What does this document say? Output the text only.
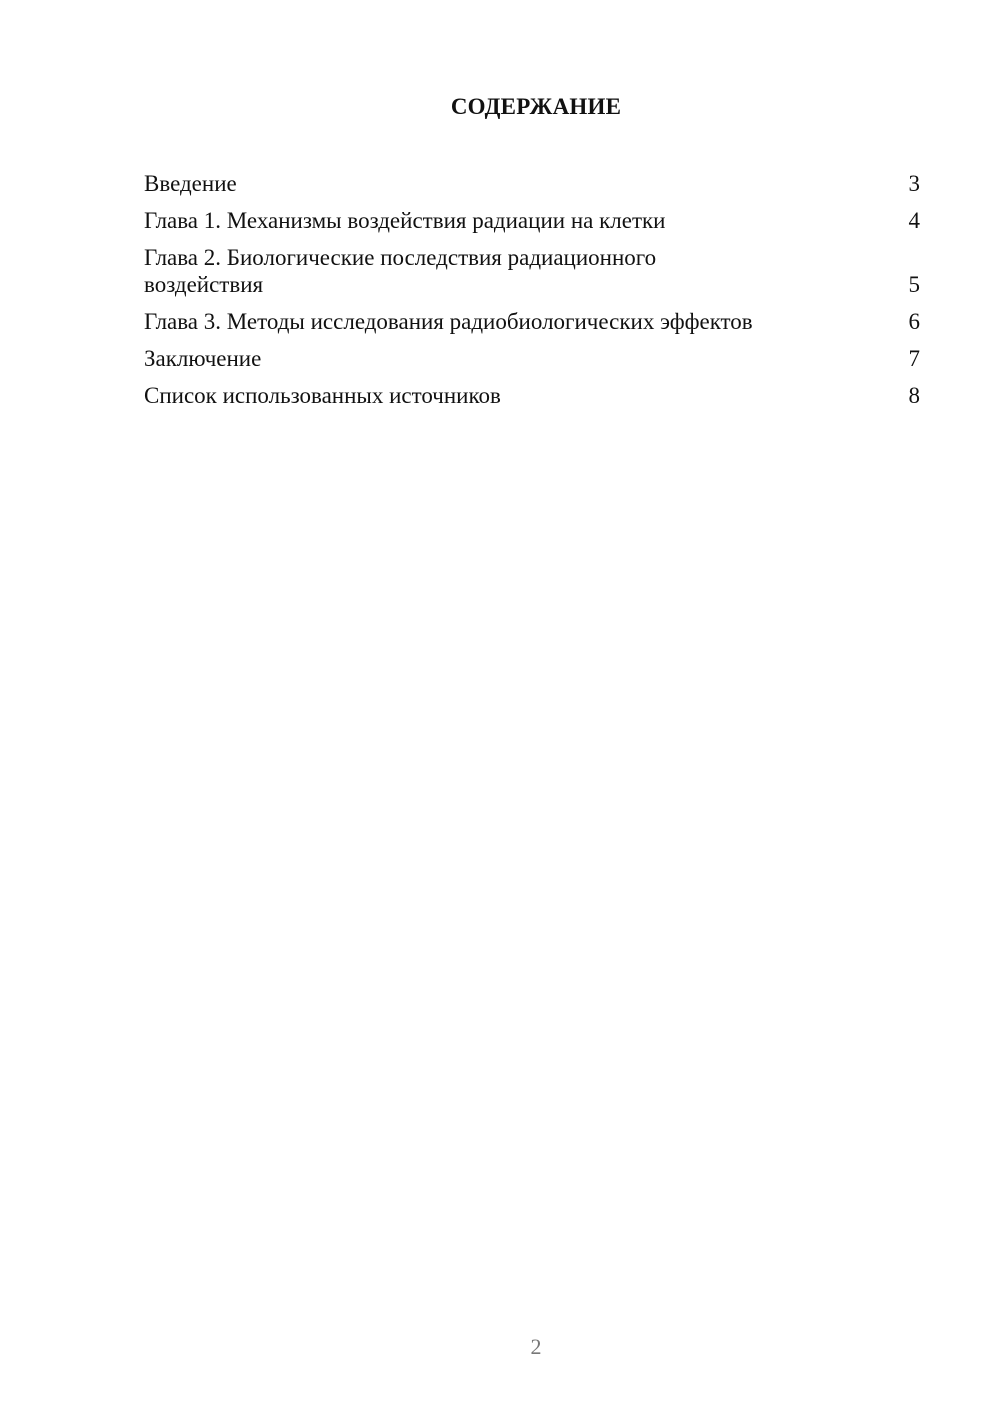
СОДЕРЖАНИЕ
Введение	3
Глава 1. Механизмы воздействия радиации на клетки	4
Глава 2. Биологические последствия радиационного воздействия	5
Глава 3. Методы исследования радиобиологических эффектов	6
Заключение	7
Список использованных источников	8
2
